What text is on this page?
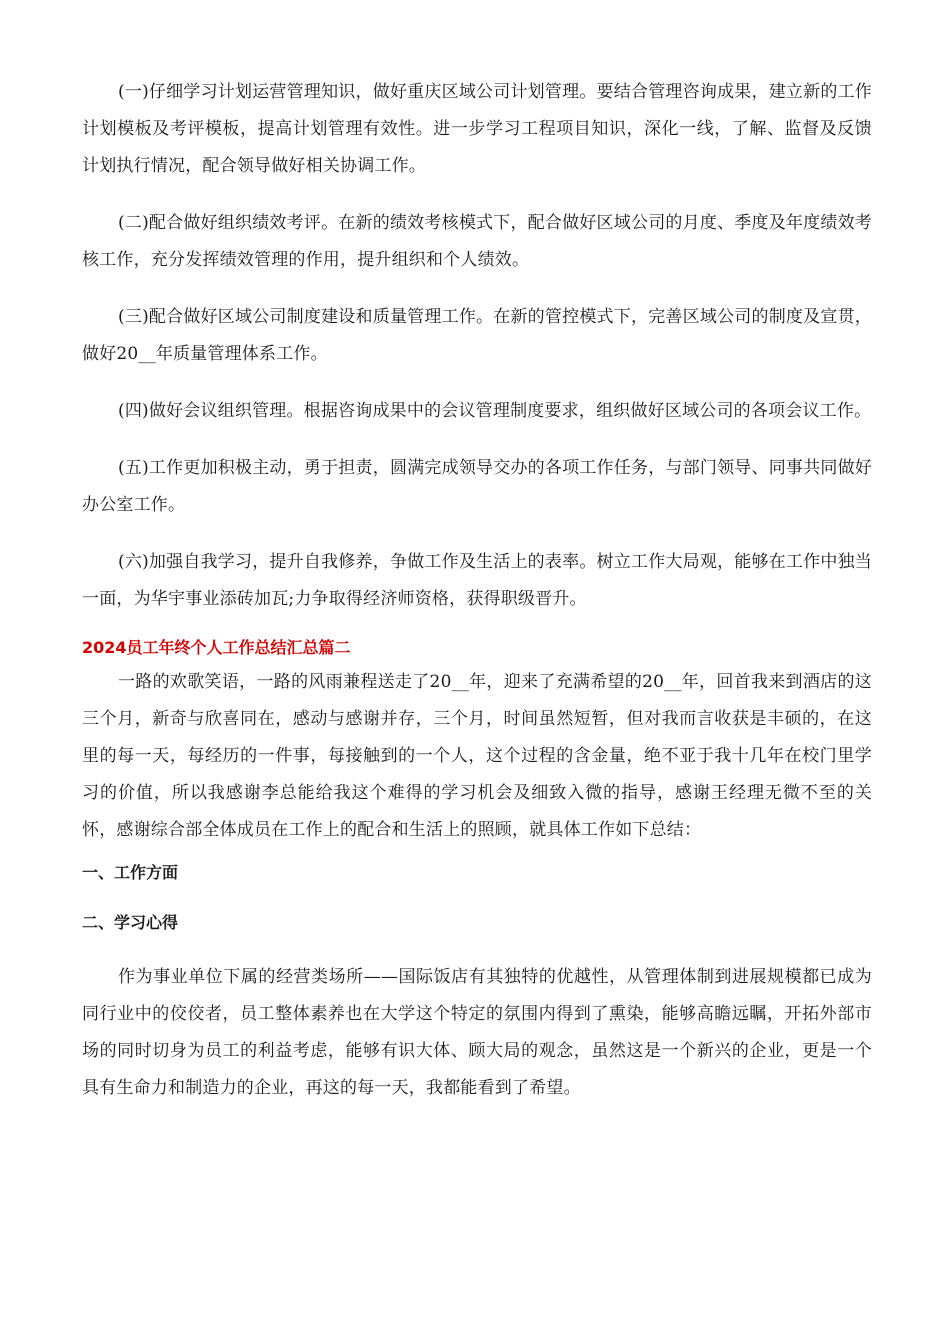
(一)仔细学习计划运营管理知识，做好重庆区域公司计划管理。要结合管理咨询成果，建立新的工作计划模板及考评模板，提高计划管理有效性。进一步学习工程项目知识，深化一线，了解、监督及反馈计划执行情况，配合领导做好相关协调工作。

(二)配合做好组织绩效考评。在新的绩效考核模式下，配合做好区域公司的月度、季度及年度绩效考核工作，充分发挥绩效管理的作用，提升组织和个人绩效。

(三)配合做好区域公司制度建设和质量管理工作。在新的管控模式下，完善区域公司的制度及宣贯，做好20__年质量管理体系工作。

(四)做好会议组织管理。根据咨询成果中的会议管理制度要求，组织做好区域公司的各项会议工作。

(五)工作更加积极主动，勇于担责，圆满完成领导交办的各项工作任务，与部门领导、同事共同做好办公室工作。

(六)加强自我学习，提升自我修养，争做工作及生活上的表率。树立工作大局观，能够在工作中独当一面，为华宇事业添砖加瓦;力争取得经济师资格，获得职级晋升。

2024员工年终个人工作总结汇总篇二

一路的欢歌笑语，一路的风雨兼程送走了20__年，迎来了充满希望的20__年，回首我来到酒店的这三个月，新奇与欣喜同在，感动与感谢并存，三个月，时间虽然短暂，但对我而言收获是丰硕的，在这里的每一天，每经历的一件事，每接触到的一个人，这个过程的含金量，绝不亚于我十几年在校门里学习的价值，所以我感谢李总能给我这个难得的学习机会及细致入微的指导，感谢王经理无微不至的关怀，感谢综合部全体成员在工作上的配合和生活上的照顾，就具体工作如下总结：

一、工作方面
二、学习心得

作为事业单位下属的经营类场所——国际饭店有其独特的优越性，从管理体制到进展规模都已成为同行业中的佼佼者，员工整体素养也在大学这个特定的氛围内得到了熏染，能够高瞻远瞩，开拓外部市场的同时切身为员工的利益考虑，能够有识大体、顾大局的观念，虽然这是一个新兴的企业，更是一个具有生命力和制造力的企业，再这的每一天，我都能看到了希望。
